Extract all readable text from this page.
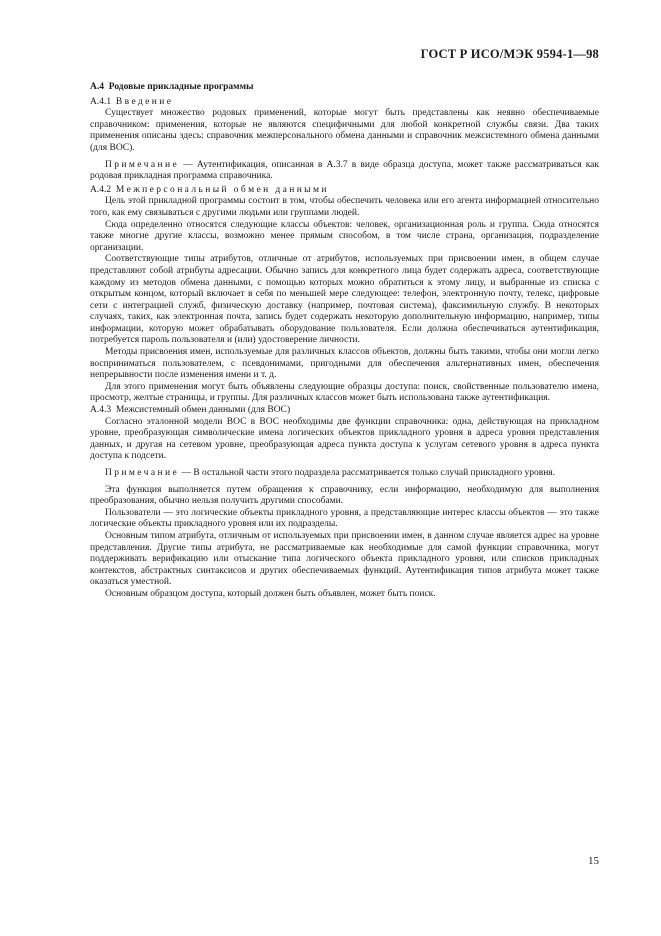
ГОСТ Р ИСО/МЭК 9594-1—98

A.4 Родовые прикладные программы

A.4.1 Введение

Существует множество родовых применений, которые могут быть представлены как неявно обеспечиваемые справочником: применения, которые не являются специфичными для любой конкретной службы связи. Два таких применения описаны здесь: справочник межперсонального обмена данными и справочник межсистемного обмена данными (для ВОС).

Примечание — Аутентификация, описанная в А.3.7 в виде образца доступа, может также рассматриваться как родовая прикладная программа справочника.

A.4.2 Межперсональный обмен данными

Цель этой прикладной программы состоит в том, чтобы обеспечить человека или его агента информацией относительно того, как ему связываться с другими людьми или группами людей.

Сюда определенно относятся следующие классы объектов: человек, организационная роль и группа. Сюда относятся также многие другие классы, возможно менее прямым способом, в том числе страна, организация, подразделение организации.

Соответствующие типы атрибутов, отличные от атрибутов, используемых при присвоении имен, в общем случае представляют собой атрибуты адресации. Обычно запись для конкретного лица будет содержать адреса, соответствующие каждому из методов обмена данными, с помощью которых можно обратиться к этому лицу, и выбранные из списка с открытым концом, который включает в себя по меньшей мере следующее: телефон, электронную почту, телекс, цифровые сети с интеграцией служб, физическую доставку (например, почтовая система), факсимильную службу. В некоторых случаях, таких, как электронная почта, запись будет содержать некоторую дополнительную информацию, например, типы информации, которую может обрабатывать оборудование пользователя. Если должна обеспечиваться аутентификация, потребуется пароль пользователя и (или) удостоверение личности.

Методы присвоения имен, используемые для различных классов объектов, должны быть такими, чтобы они могли легко восприниматься пользователем, с псевдонимами, пригодными для обеспечения альтернативных имен, обеспечения непрерывности после изменения имени и т. д.

Для этого применения могут быть объявлены следующие образцы доступа: поиск, свойственные пользователю имена, просмотр, желтые страницы, и группы. Для различных классов может быть использована также аутентификация.

A.4.3 Межсистемный обмен данными (для ВОС)

Согласно эталонной модели ВОС в ВОС необходимы две функции справочника: одна, действующая на прикладном уровне, преобразующая символические имена логических объектов прикладного уровня в адреса уровня представления данных, и другая на сетевом уровне, преобразующая адреса пункта доступа к услугам сетевого уровня в адреса пункта доступа к подсети.

Примечание — В остальной части этого подраздела рассматривается только случай прикладного уровня.

Эта функция выполняется путем обращения к справочнику, если информацию, необходимую для выполнения преобразования, обычно нельзя получить другими способами.

Пользователи — это логические объекты прикладного уровня, а представляющие интерес классы объектов — это также логические объекты прикладного уровня или их подразделы.

Основным типом атрибута, отличным от используемых при присвоении имен, в данном случае является адрес на уровне представления. Другие типы атрибута, не рассматриваемые как необходимые для самой функции справочника, могут поддерживать верификацию или отыскание типа логического объекта прикладного уровня, или списков прикладных контекстов, абстрактных синтаксисов и других обеспечиваемых функций. Аутентификация типов атрибута может также оказаться уместной.

Основным образцом доступа, который должен быть объявлен, может быть поиск.

15
